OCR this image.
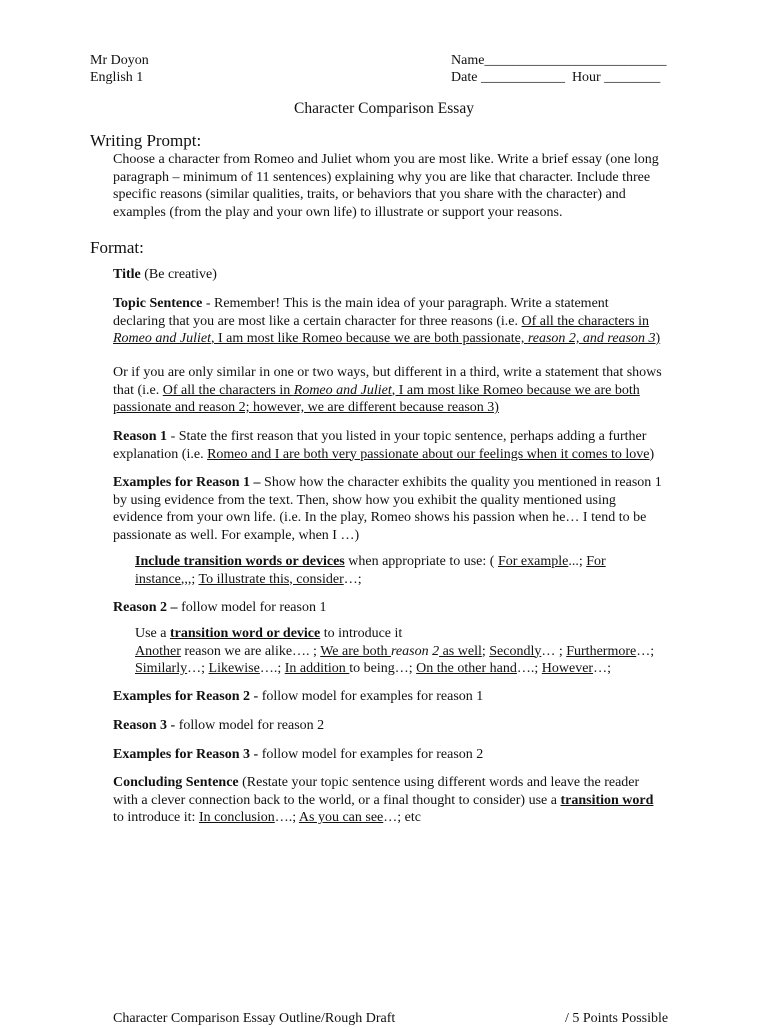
Mr Doyon
English 1
Name__________________________
Date ____________ Hour ________
Character Comparison Essay
Writing Prompt:
Choose a character from Romeo and Juliet whom you are most like. Write a brief essay (one long
paragraph – minimum of 11 sentences) explaining why you are like that character. Include three
specific reasons (similar qualities, traits, or behaviors that you share with the character) and
examples (from the play and your own life) to illustrate or support your reasons.
Format:
Title (Be creative)
Topic Sentence - Remember! This is the main idea of your paragraph. Write a statement
declaring that you are most like a certain character for three reasons (i.e. Of all the characters in
Romeo and Juliet, I am most like Romeo because we are both passionate, reason 2, and reason 3)
Or if you are only similar in one or two ways, but different in a third, write a statement that shows
that (i.e. Of all the characters in Romeo and Juliet, I am most like Romeo because we are both
passionate and reason 2; however, we are different because reason 3)
Reason 1 - State the first reason that you listed in your topic sentence, perhaps adding a further
explanation (i.e. Romeo and I are both very passionate about our feelings when it comes to love)
Examples for Reason 1 – Show how the character exhibits the quality you mentioned in reason 1
by using evidence from the text. Then, show how you exhibit the quality mentioned using
evidence from your own life. (i.e. In the play, Romeo shows his passion when he… I tend to be
passionate as well. For example, when I …)
Include transition words or devices when appropriate to use: ( For example...; For
instance,,,; To illustrate this, consider…;
Reason 2 – follow model for reason 1
Use a transition word or device to introduce it
Another reason we are alike…. ; We are both reason 2 as well; Secondly… ; Furthermore…;
Similarly…; Likewise….; In addition to being…; On the other hand….; However…;
Examples for Reason 2 - follow model for examples for reason 1
Reason 3 - follow model for reason 2
Examples for Reason 3 - follow model for examples for reason 2
Concluding Sentence (Restate your topic sentence using different words and leave the reader
with a clever connection back to the world, or a final thought to consider) use a transition word
to introduce it: In conclusion….; As you can see…; etc
Character Comparison Essay Outline/Rough Draft	/ 5 Points Possible
